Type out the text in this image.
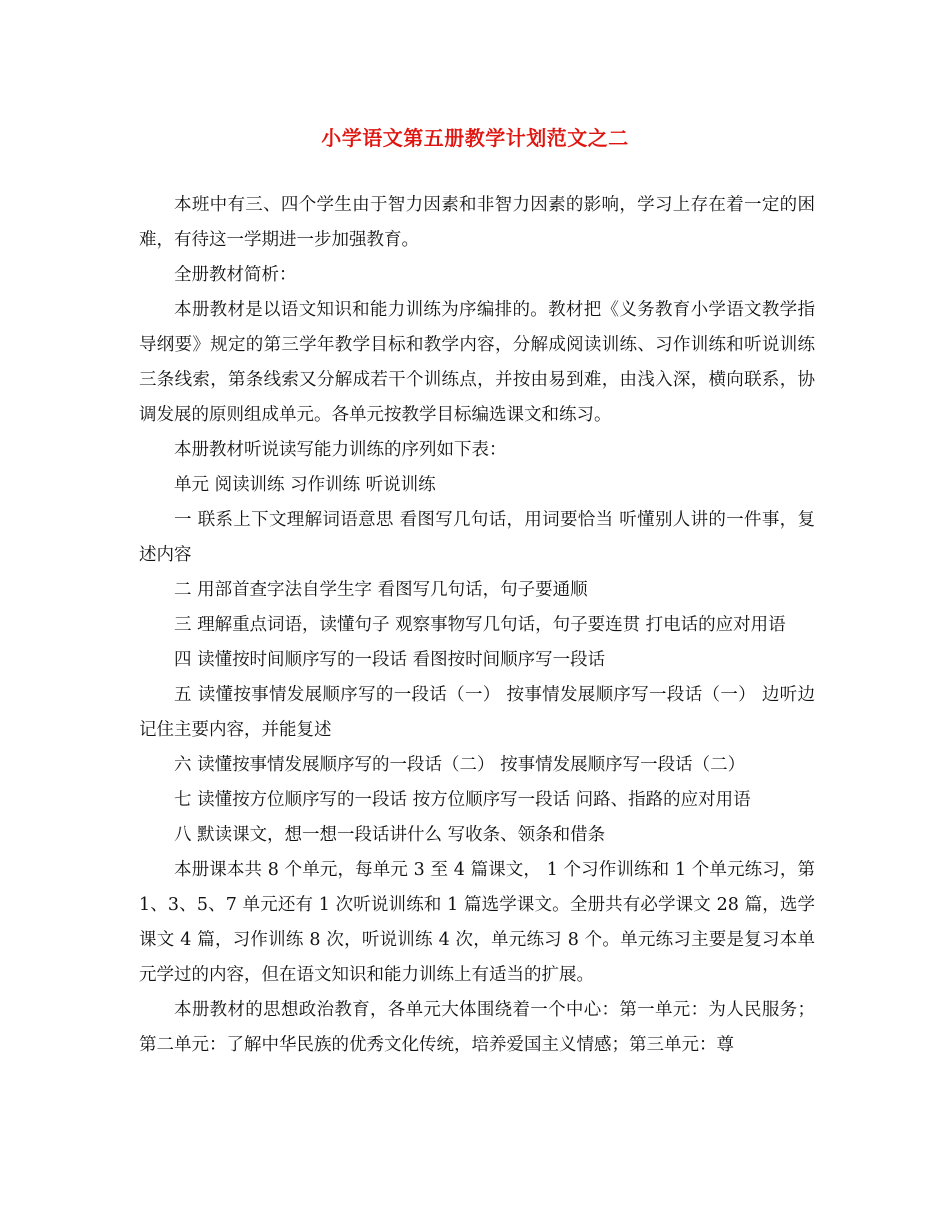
小学语文第五册教学计划范文之二

本班中有三、四个学生由于智力因素和非智力因素的影响，学习上存在着一定的困难，有待这一学期进一步加强教育。

全册教材简析：

本册教材是以语文知识和能力训练为序编排的。教材把《义务教育小学语文教学指导纲要》规定的第三学年教学目标和教学内容，分解成阅读训练、习作训练和听说训练三条线索，第条线索又分解成若干个训练点，并按由易到难，由浅入深，横向联系，协调发展的原则组成单元。各单元按教学目标编选课文和练习。

本册教材听说读写能力训练的序列如下表：

单元 阅读训练 习作训练 听说训练

一 联系上下文理解词语意思 看图写几句话，用词要恰当 听懂别人讲的一件事，复述内容

二 用部首查字法自学生字 看图写几句话，句子要通顺

三 理解重点词语，读懂句子 观察事物写几句话，句子要连贯 打电话的应对用语

四 读懂按时间顺序写的一段话 看图按时间顺序写一段话

五 读懂按事情发展顺序写的一段话（一） 按事情发展顺序写一段话（一） 边听边记住主要内容，并能复述

六 读懂按事情发展顺序写的一段话（二） 按事情发展顺序写一段话（二）

七 读懂按方位顺序写的一段话 按方位顺序写一段话 问路、指路的应对用语

八 默读课文，想一想一段话讲什么 写收条、领条和借条

本册课本共 8 个单元，每单元 3 至 4 篇课文， 1 个习作训练和 1 个单元练习，第 1、3、5、7 单元还有 1 次听说训练和 1 篇选学课文。全册共有必学课文 28 篇，选学课文 4 篇，习作训练 8 次，听说训练 4 次，单元练习 8 个。单元练习主要是复习本单元学过的内容，但在语文知识和能力训练上有适当的扩展。

本册教材的思想政治教育，各单元大体围绕着一个中心：第一单元：为人民服务；第二单元：了解中华民族的优秀文化传统，培养爱国主义情感；第三单元：尊
